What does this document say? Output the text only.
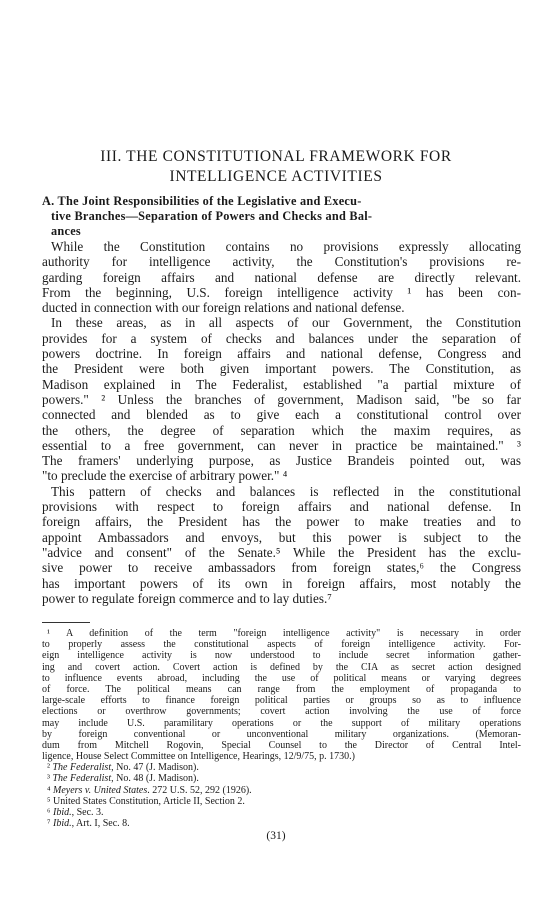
III. THE CONSTITUTIONAL FRAMEWORK FOR
INTELLIGENCE ACTIVITIES
A. The Joint Responsibilities of the Legislative and Execu-
tive Branches—Separation of Powers and Checks and Bal-
ances

While the Constitution contains no provisions expressly allocating
authority for intelligence activity, the Constitution's provisions re-
garding foreign affairs and national defense are directly relevant.
From the beginning, U.S. foreign intelligence activity ¹ has been con-
ducted in connection with our foreign relations and national defense.

In these areas, as in all aspects of our Government, the Constitution
provides for a system of checks and balances under the separation of
powers doctrine. In foreign affairs and national defense, Congress and
the President were both given important powers. The Constitution, as
Madison explained in The Federalist, established "a partial mixture of
powers." ² Unless the branches of government, Madison said, "be so far
connected and blended as to give each a constitutional control over
the others, the degree of separation which the maxim requires, as
essential to a free government, can never in practice be maintained." ³
The framers' underlying purpose, as Justice Brandeis pointed out, was
"to preclude the exercise of arbitrary power." ⁴

This pattern of checks and balances is reflected in the constitutional
provisions with respect to foreign affairs and national defense. In
foreign affairs, the President has the power to make treaties and to
appoint Ambassadors and envoys, but this power is subject to the
"advice and consent" of the Senate.⁵ While the President has the exclu-
sive power to receive ambassadors from foreign states,⁶ the Congress
has important powers of its own in foreign affairs, most notably the
power to regulate foreign commerce and to lay duties.⁷

¹ A definition of the term "foreign intelligence activity" is necessary in order
to properly assess the constitutional aspects of foreign intelligence activity. For-
eign intelligence activity is now understood to include secret information gather-
ing and covert action. Covert action is defined by the CIA as secret action designed
to influence events abroad, including the use of political means or varying degrees
of force. The political means can range from the employment of propaganda to
large-scale efforts to finance foreign political parties or groups so as to influence
elections or overthrow governments; covert action involving the use of force
may include U.S. paramilitary operations or the support of military operations
by foreign conventional or unconventional military organizations. (Memoran-
dum from Mitchell Rogovin, Special Counsel to the Director of Central Intel-
ligence, House Select Committee on Intelligence, Hearings, 12/9/75, p. 1730.)
² The Federalist, No. 47 (J. Madison).
³ The Federalist, No. 48 (J. Madison).
⁴ Meyers v. United States. 272 U.S. 52, 292 (1926).
⁵ United States Constitution, Article II, Section 2.
⁶ Ibid., Sec. 3.
⁷ Ibid., Art. I, Sec. 8.
(31)
